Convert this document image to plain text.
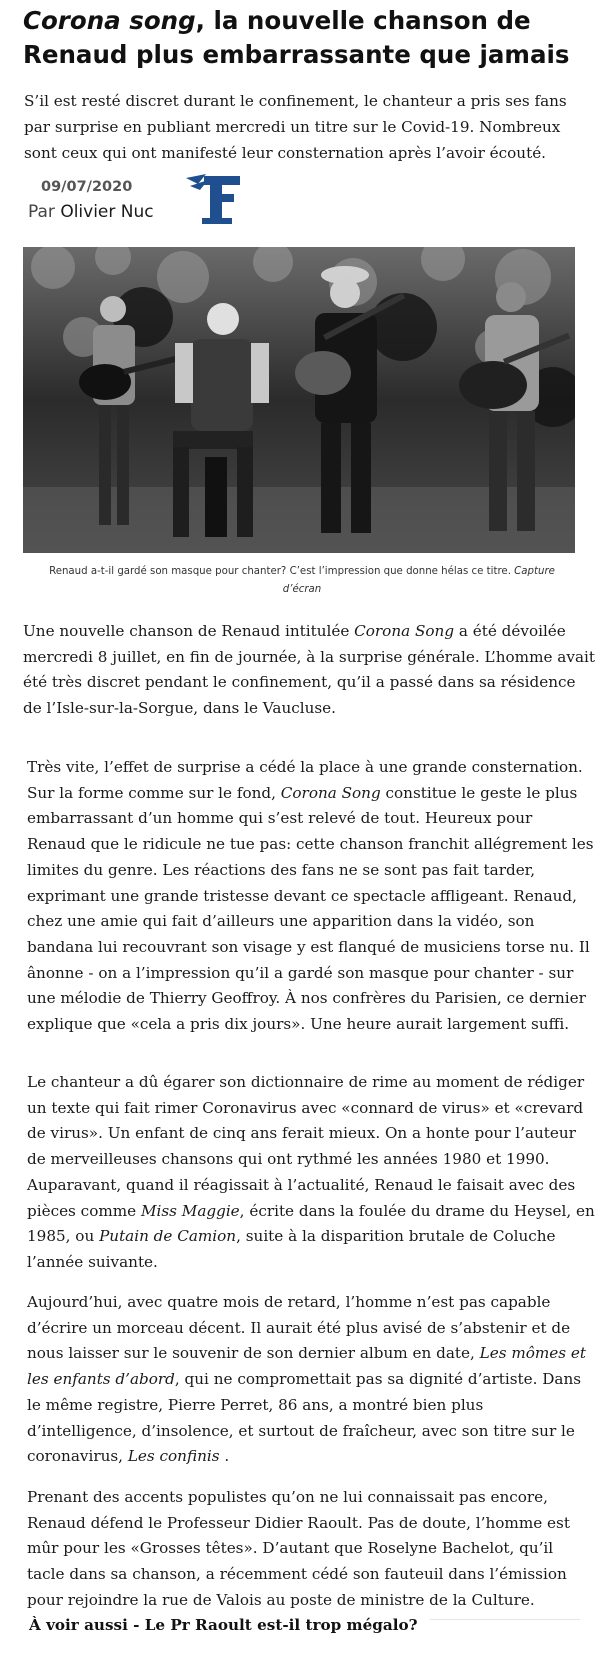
Corona song, la nouvelle chanson de Renaud plus embarrassante que jamais

S’il est resté discret durant le confinement, le chanteur a pris ses fans par surprise en publiant mercredi un titre sur le Covid-19. Nombreux sont ceux qui ont manifesté leur consternation après l’avoir écouté.

09/07/2020
Par Olivier Nuc
Renaud a-t-il gardé son masque pour chanter? C’est l’impression que donne hélas ce titre. Capture d’écran

Une nouvelle chanson de Renaud intitulée Corona Song a été dévoilée mercredi 8 juillet, en fin de journée, à la surprise générale. L’homme avait été très discret pendant le confinement, qu’il a passé dans sa résidence de l’Isle-sur-la-Sorgue, dans le Vaucluse.

Très vite, l’effet de surprise a cédé la place à une grande consternation. Sur la forme comme sur le fond, Corona Song constitue le geste le plus embarrassant d’un homme qui s’est relevé de tout. Heureux pour Renaud que le ridicule ne tue pas: cette chanson franchit allégrement les limites du genre. Les réactions des fans ne se sont pas fait tarder, exprimant une grande tristesse devant ce spectacle affligeant. Renaud, chez une amie qui fait d’ailleurs une apparition dans la vidéo, son bandana lui recouvrant son visage y est flanqué de musiciens torse nu. Il ânonne - on a l’impression qu’il a gardé son masque pour chanter - sur une mélodie de Thierry Geoffroy. À nos confrères du Parisien, ce dernier explique que «cela a pris dix jours». Une heure aurait largement suffi.

Le chanteur a dû égarer son dictionnaire de rime au moment de rédiger un texte qui fait rimer Coronavirus avec «connard de virus» et «crevard de virus». Un enfant de cinq ans ferait mieux. On a honte pour l’auteur de merveilleuses chansons qui ont rythmé les années 1980 et 1990. Auparavant, quand il réagissait à l’actualité, Renaud le faisait avec des pièces comme Miss Maggie, écrite dans la foulée du drame du Heysel, en 1985, ou Putain de Camion, suite à la disparition brutale de Coluche l’année suivante.

Aujourd’hui, avec quatre mois de retard, l’homme n’est pas capable d’écrire un morceau décent. Il aurait été plus avisé de s’abstenir et de nous laisser sur le souvenir de son dernier album en date, Les mômes et les enfants d’abord, qui ne compromettait pas sa dignité d’artiste. Dans le même registre, Pierre Perret, 86 ans, a montré bien plus d’intelligence, d’insolence, et surtout de fraîcheur, avec son titre sur le coronavirus, Les confinis .

Prenant des accents populistes qu’on ne lui connaissait pas encore, Renaud défend le Professeur Didier Raoult. Pas de doute, l’homme est mûr pour les «Grosses têtes». D’autant que Roselyne Bachelot, qu’il tacle dans sa chanson, a récemment cédé son fauteuil dans l’émission pour rejoindre la rue de Valois au poste de ministre de la Culture.

À voir aussi - Le Pr Raoult est-il trop mégalo?
